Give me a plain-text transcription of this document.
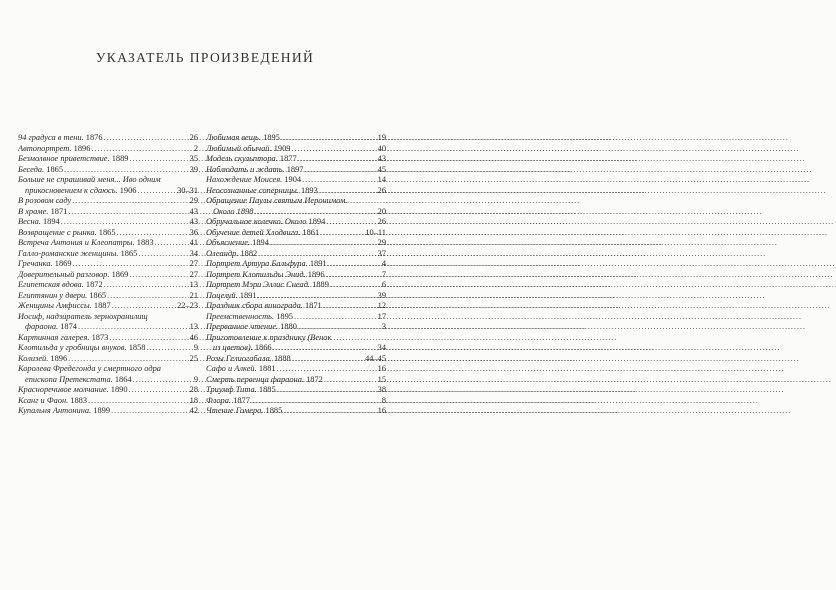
УКАЗАТЕЛЬ ПРОИЗВЕДЕНИЙ
94 градуса в тени. 1876 . . .	26
Автопортрет. 1896 . . .	2
Безмолвное приветствие. 1889 . . .	35
Беседа. 1865 . . .	39
Больше не спрашивай меня... Иво одним
прикосновением к сдаюсь. 1906 . . .	30–31
В розовом саду . . .	29
В храме. 1871 . . .	43
Весна. 1894 . . .	43
Возвращение с рынка. 1865 . . .	36
Встреча Антония и Клеопатры. 1883 . . .	41
Галло-романские женщины. 1865 . . .	34
Гречанка. 1869 . . .	27
Доверительный разговор. 1869 . . .	27
Египетская вдова. 1872 . . .	13
Египтянин у двери. 1865 . . .	21
Женщины Амфиссы. 1887 . . .	22–23
Иосиф, надзиратель зернохранилищ
фараона. 1874 . . .	13
Картинная галерея. 1873 . . .	46
Клотильда у гробницы внуков. 1858 . . .	9
Колизей. 1896 . . .	25
Королева Фредегонда у смертного одра
епископа Претекстата. 1864 . . .	9
Красноречивое молчание. 1890 . . .	28
Ксанг и Фаон. 1883 . . .	18
Купальня Антонина. 1899 . . .	42
Любимая вещь. 1895 . . .	19
Любимый обычай. 1909 . . .	40
Модель скульптора. 1877 . . .	43
Наблюдать и ждать. 1897 . . .	45
Нахождение Моисея. 1904 . . .	14
Неосознанные соперницы. 1893 . . .	26
Обращение Паулы святым Иеронимом.
Около 1898 . . .	20
Обручальное колечко. Около 1894 . . .	26
Обучение детей Хлодвига. 1861 . . .	10–11
Объяснение. 1894 . . .	29
Олеандр. 1882 . . .	37
Портрет Артура Бальфура. 1891 . . .	4
Портрет Клотильды Энид. 1896 . . .	7
Портрет Мэри Эллис Снеад. 1889 . . .	6
Поцелуй. 1891 . . .	39
Праздник сбора винограда. 1871 . . .	12
Преемственность. 1895 . . .	17
Прерванное чтение. 1880 . . .	3
Приготовление к празднику (Венок
из цветов). 1866 . . .	34
Розы Гелиогабала. 1888 . . .	44–45
Сафо и Алкей. 1881 . . .	16
Смерть первенца фараона. 1872 . . .	15
Триумф Тита. 1885 . . .	38
Флора. 1877 . . .	8
Чтение Гомера. 1885 . . .	16
